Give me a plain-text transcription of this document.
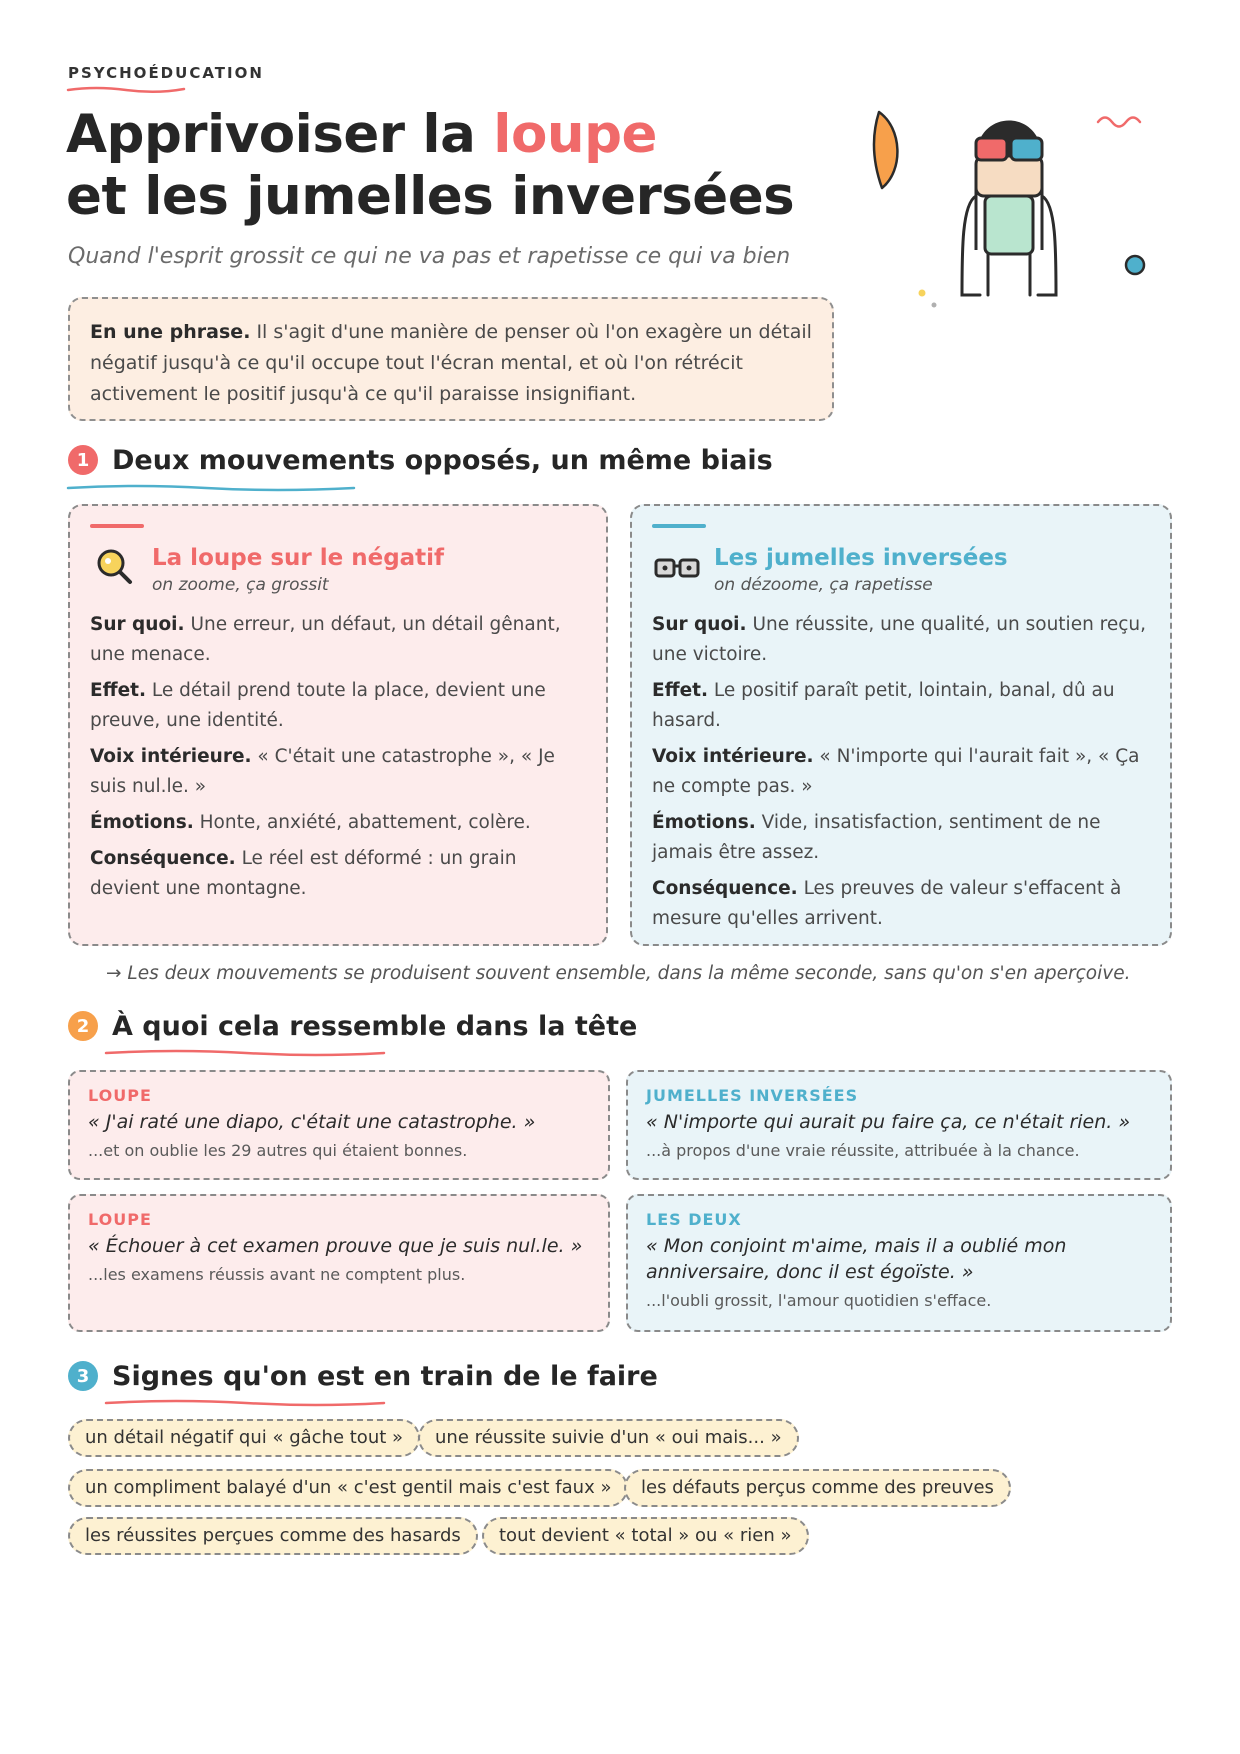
PSYCHOÉDUCATION
Apprivoiser la loupe
et les jumelles inversées
Quand l'esprit grossit ce qui ne va pas et rapetisse ce qui va bien
En une phrase. Il s'agit d'une manière de penser où l'on exagère un détail négatif jusqu'à ce qu'il occupe tout l'écran mental, et où l'on rétrécit activement le positif jusqu'à ce qu'il paraisse insignifiant.
1 Deux mouvements opposés, un même biais
La loupe sur le négatif
on zoome, ça grossit

Sur quoi. Une erreur, un défaut, un détail gênant, une menace.

Effet. Le détail prend toute la place, devient une preuve, une identité.

Voix intérieure. « C'était une catastrophe », « Je suis nul.le. »

Émotions. Honte, anxiété, abattement, colère.

Conséquence. Le réel est déformé : un grain devient une montagne.

Les jumelles inversées
on dézoome, ça rapetisse

Sur quoi. Une réussite, une qualité, un soutien reçu, une victoire.

Effet. Le positif paraît petit, lointain, banal, dû au hasard.

Voix intérieure. « N'importe qui l'aurait fait », « Ça ne compte pas. »

Émotions. Vide, insatisfaction, sentiment de ne jamais être assez.

Conséquence. Les preuves de valeur s'effacent à mesure qu'elles arrivent.

→ Les deux mouvements se produisent souvent ensemble, dans la même seconde, sans qu'on s'en aperçoive.
2 À quoi cela ressemble dans la tête
LOUPE
« J'ai raté une diapo, c'était une catastrophe. »
...et on oublie les 29 autres qui étaient bonnes.
JUMELLES INVERSÉES
« N'importe qui aurait pu faire ça, ce n'était rien. »
...à propos d'une vraie réussite, attribuée à la chance.
LOUPE
« Échouer à cet examen prouve que je suis nul.le. »
...les examens réussis avant ne comptent plus.
LES DEUX
« Mon conjoint m'aime, mais il a oublié mon anniversaire, donc il est égoïste. »
...l'oubli grossit, l'amour quotidien s'efface.
3 Signes qu'on est en train de le faire
un détail négatif qui « gâche tout »	une réussite suivie d'un « oui mais... »
un compliment balayé d'un « c'est gentil mais c'est faux »	les défauts perçus comme des preuves
les réussites perçues comme des hasards	tout devient « total » ou « rien »
